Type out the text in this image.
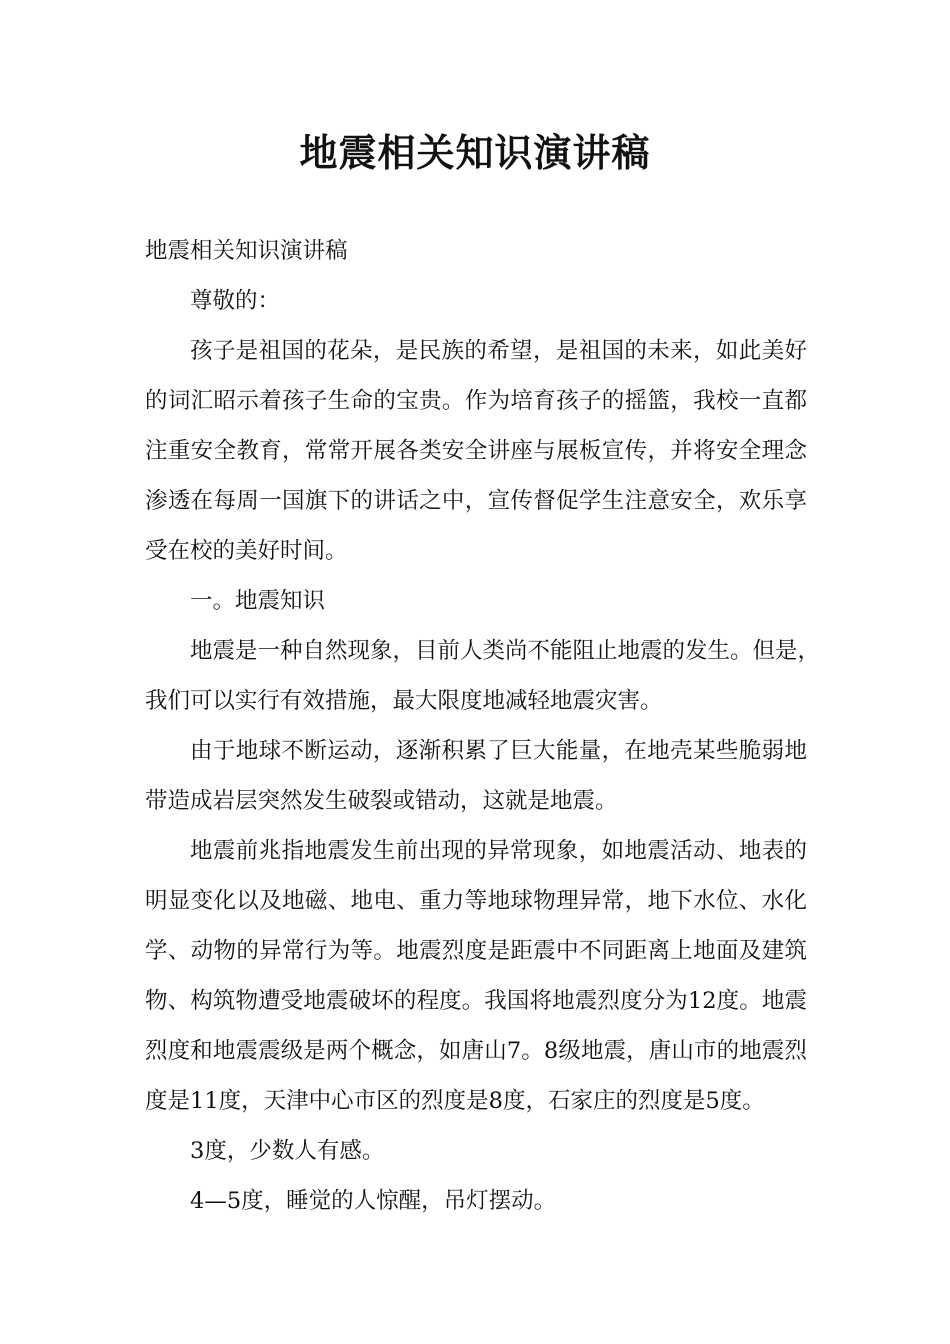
地震相关知识演讲稿

地震相关知识演讲稿

尊敬的：

孩子是祖国的花朵，是民族的希望，是祖国的未来，如此美好

的词汇昭示着孩子生命的宝贵。作为培育孩子的摇篮，我校一直都

注重安全教育，常常开展各类安全讲座与展板宣传，并将安全理念

渗透在每周一国旗下的讲话之中，宣传督促学生注意安全，欢乐享

受在校的美好时间。

一。地震知识

地震是一种自然现象，目前人类尚不能阻止地震的发生。但是，

我们可以实行有效措施，最大限度地减轻地震灾害。

由于地球不断运动，逐渐积累了巨大能量，在地壳某些脆弱地

带造成岩层突然发生破裂或错动，这就是地震。

地震前兆指地震发生前出现的异常现象，如地震活动、地表的

明显变化以及地磁、地电、重力等地球物理异常，地下水位、水化

学、动物的异常行为等。地震烈度是距震中不同距离上地面及建筑

物、构筑物遭受地震破坏的程度。我国将地震烈度分为12度。地震

烈度和地震震级是两个概念，如唐山7。8级地震，唐山市的地震烈

度是11度，天津中心市区的烈度是8度，石家庄的烈度是5度。

3度，少数人有感。

4—5度，睡觉的人惊醒，吊灯摆动。
